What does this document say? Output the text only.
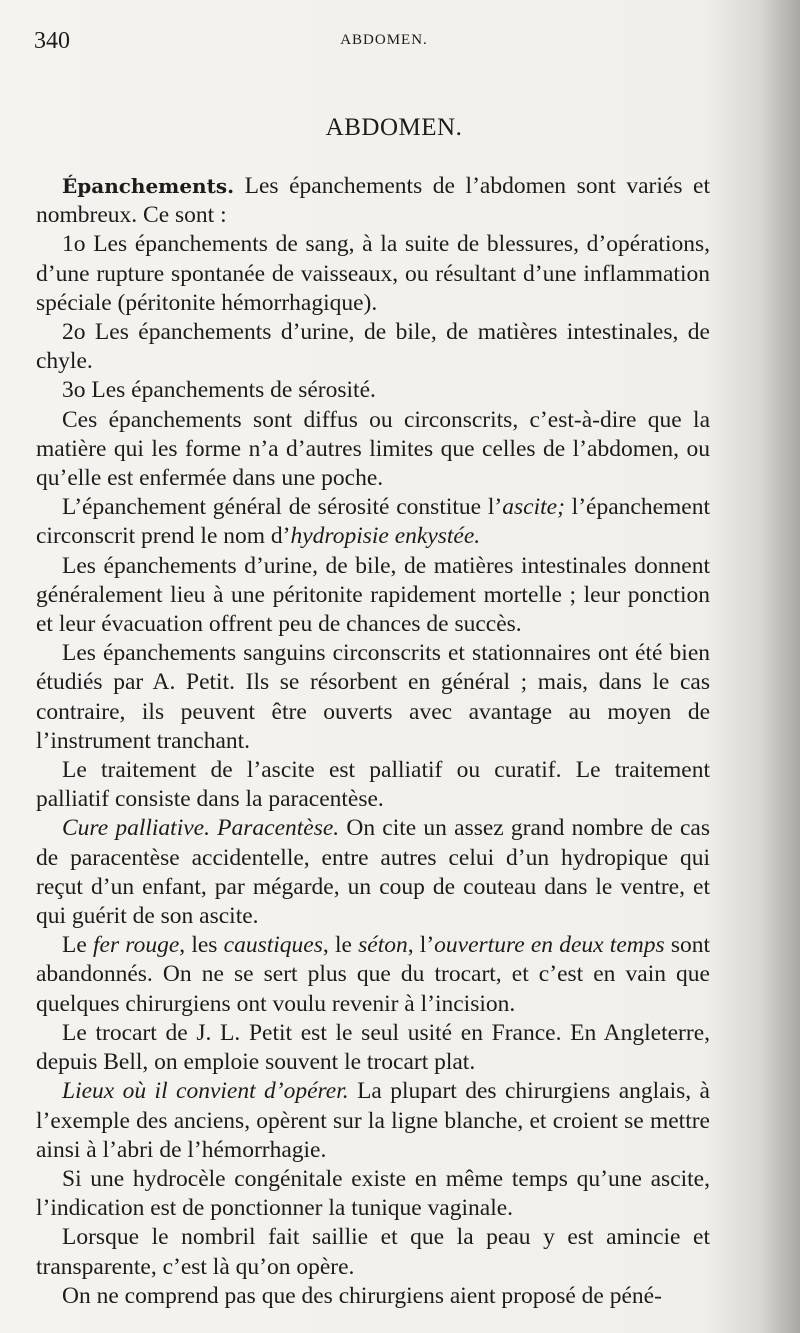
340	ABDOMEN.
ABDOMEN.

Épanchements. Les épanchements de l’abdomen sont variés et nombreux. Ce sont :

1o Les épanchements de sang, à la suite de blessures, d’opérations, d’une rupture spontanée de vaisseaux, ou résultant d’une inflammation spéciale (péritonite hémorrhagique).

2o Les épanchements d’urine, de bile, de matières intestinales, de chyle.

3o Les épanchements de sérosité.

Ces épanchements sont diffus ou circonscrits, c’est-à-dire que la matière qui les forme n’a d’autres limites que celles de l’abdomen, ou qu’elle est enfermée dans une poche.

L’épanchement général de sérosité constitue l’ascite; l’épanchement circonscrit prend le nom d’hydropisie enkystée.

Les épanchements d’urine, de bile, de matières intestinales donnent généralement lieu à une péritonite rapidement mortelle ; leur ponction et leur évacuation offrent peu de chances de succès.

Les épanchements sanguins circonscrits et stationnaires ont été bien étudiés par A. Petit. Ils se résorbent en général ; mais, dans le cas contraire, ils peuvent être ouverts avec avantage au moyen de l’instrument tranchant.

Le traitement de l’ascite est palliatif ou curatif. Le traitement palliatif consiste dans la paracentèse.

Cure palliative. Paracentèse. On cite un assez grand nombre de cas de paracentèse accidentelle, entre autres celui d’un hydropique qui reçut d’un enfant, par mégarde, un coup de couteau dans le ventre, et qui guérit de son ascite.

Le fer rouge, les caustiques, le séton, l’ouverture en deux temps sont abandonnés. On ne se sert plus que du trocart, et c’est en vain que quelques chirurgiens ont voulu revenir à l’incision.

Le trocart de J. L. Petit est le seul usité en France. En Angleterre, depuis Bell, on emploie souvent le trocart plat.

Lieux où il convient d’opérer. La plupart des chirurgiens anglais, à l’exemple des anciens, opèrent sur la ligne blanche, et croient se mettre ainsi à l’abri de l’hémorrhagie.

Si une hydrocèle congénitale existe en même temps qu’une ascite, l’indication est de ponctionner la tunique vaginale.

Lorsque le nombril fait saillie et que la peau y est amincie et transparente, c’est là qu’on opère.

On ne comprend pas que des chirurgiens aient proposé de péné-
